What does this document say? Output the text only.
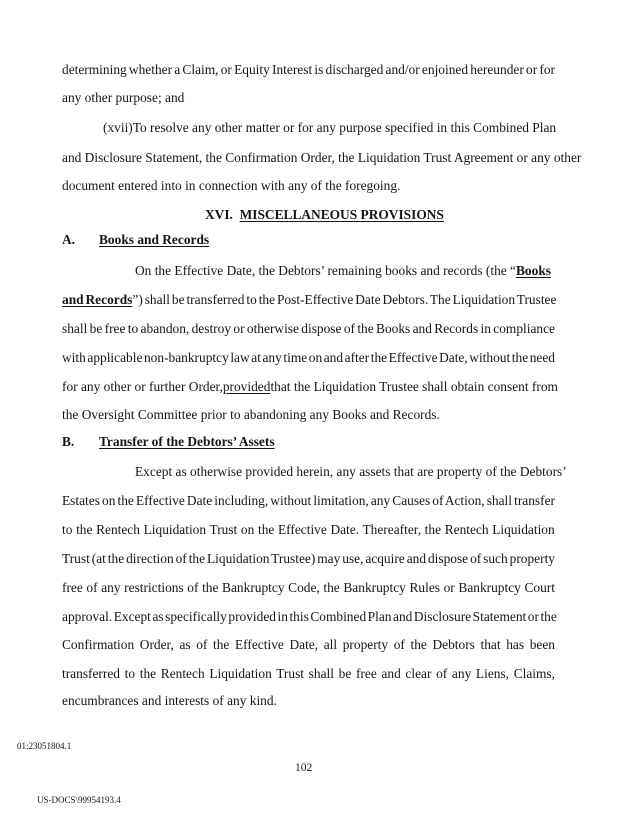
determining whether a Claim, or Equity Interest is discharged and/or enjoined hereunder or for
any other purpose; and
(xvii) To resolve any other matter or for any purpose specified in this Combined Plan
and Disclosure Statement, the Confirmation Order, the Liquidation Trust Agreement or any other
document entered into in connection with any of the foregoing.
XVI. MISCELLANEOUS PROVISIONS
A. Books and Records
On the Effective Date, the Debtors’ remaining books and records (the “Books
and Records”) shall be transferred to the Post-Effective Date Debtors. The Liquidation Trustee
shall be free to abandon, destroy or otherwise dispose of the Books and Records in compliance
with applicable non-bankruptcy law at any time on and after the Effective Date, without the need
for any other or further Order, provided that the Liquidation Trustee shall obtain consent from
the Oversight Committee prior to abandoning any Books and Records.
B. Transfer of the Debtors’ Assets
Except as otherwise provided herein, any assets that are property of the Debtors’
Estates on the Effective Date including, without limitation, any Causes of Action, shall transfer
to the Rentech Liquidation Trust on the Effective Date. Thereafter, the Rentech Liquidation
Trust (at the direction of the Liquidation Trustee) may use, acquire and dispose of such property
free of any restrictions of the Bankruptcy Code, the Bankruptcy Rules or Bankruptcy Court
approval. Except as specifically provided in this Combined Plan and Disclosure Statement or the
Confirmation Order, as of the Effective Date, all property of the Debtors that has been
transferred to the Rentech Liquidation Trust shall be free and clear of any Liens, Claims,
encumbrances and interests of any kind.
01:23051804.1
102
US-DOCS\99954193.4
